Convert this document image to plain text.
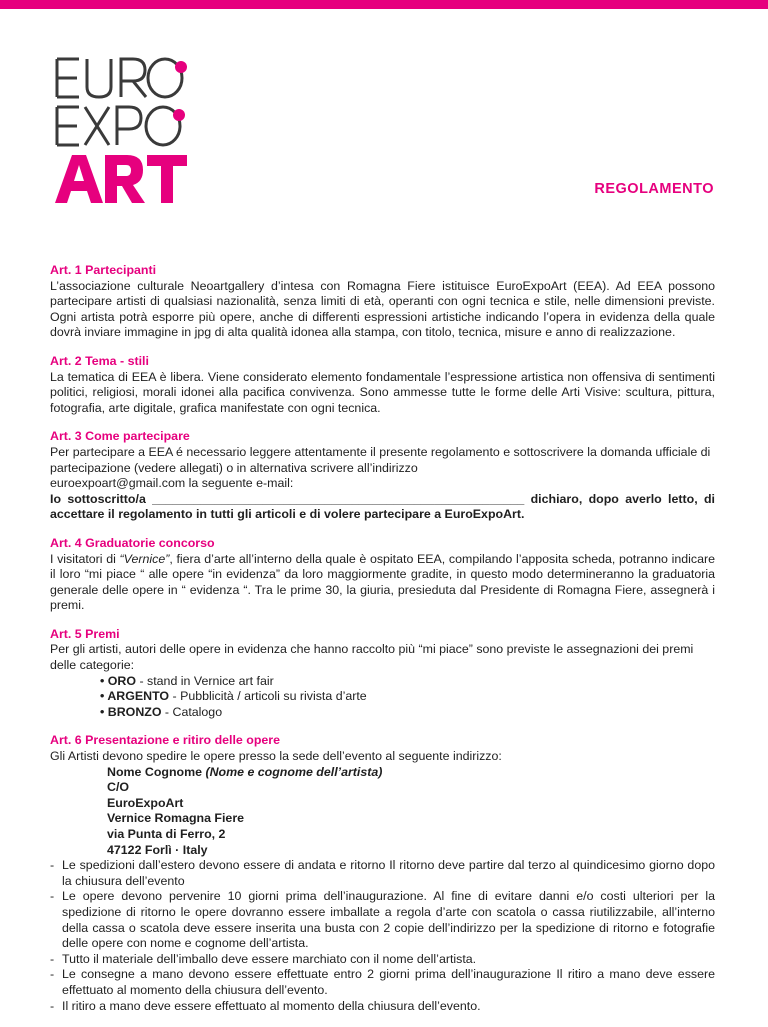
REGOLAMENTO
Art. 1 Partecipanti
L’associazione culturale Neoartgallery d’intesa con Romagna Fiere istituisce EuroExpoArt (EEA). Ad EEA possono partecipare artisti di qualsiasi nazionalità, senza limiti di età, operanti con ogni tecnica e stile, nelle dimensioni previste. Ogni artista potrà esporre più opere, anche di differenti espressioni artistiche indicando l’opera in evidenza della quale dovrà inviare immagine in jpg di alta qualità idonea alla stampa, con titolo, tecnica, misure e anno di realizzazione.
Art. 2 Tema - stili
La tematica di EEA è libera. Viene considerato elemento fondamentale l’espressione artistica non offensiva di sentimenti politici, religiosi, morali idonei alla pacifica convivenza. Sono ammesse tutte le forme delle Arti Visive: scultura, pittura, fotografia, arte digitale, grafica manifestate con ogni tecnica.
Art. 3 Come partecipare
Per partecipare a EEA é necessario leggere attentamente il presente regolamento e sottoscrivere la domanda ufficiale di partecipazione (vedere allegati) o in alternativa scrivere all’indirizzo
euroexpoart@gmail.com la seguente e-mail:
Io sottoscritto/a ______________________________________________________ dichiaro, dopo averlo letto, di accettare il regolamento in tutti gli articoli e di volere partecipare a EuroExpoArt.
Art. 4 Graduatorie concorso
I visitatori di “Vernice”, fiera d’arte all’interno della quale è ospitato EEA, compilando l’apposita scheda, potranno indicare il loro “mi piace “ alle opere “in evidenza” da loro maggiormente gradite, in questo modo determineranno la graduatoria generale delle opere in “ evidenza “. Tra le prime 30, la giuria, presieduta dal Presidente di Romagna Fiere, assegnerà i premi.
Art. 5 Premi
Per gli artisti, autori delle opere in evidenza che hanno raccolto più “mi piace” sono previste le assegnazioni dei premi delle categorie:
• ORO - stand in Vernice art fair
• ARGENTO - Pubblicità / articoli su rivista d’arte
• BRONZO - Catalogo
Art. 6 Presentazione e ritiro delle opere
Gli Artisti devono spedire le opere presso la sede dell’evento al seguente indirizzo:
Nome Cognome (Nome e cognome dell’artista)
C/O
EuroExpoArt
Vernice Romagna Fiere
via Punta di Ferro, 2
47122 Forlì · Italy
- Le spedizioni dall’estero devono essere di andata e ritorno Il ritorno deve partire dal terzo al quindicesimo giorno dopo la chiusura dell’evento
- Le opere devono pervenire 10 giorni prima dell’inaugurazione. Al fine di evitare danni e/o costi ulteriori per la spedizione di ritorno le opere dovranno essere imballate a regola d’arte con scatola o cassa riutilizzabile, all’interno della cassa o scatola deve essere inserita una busta con 2 copie dell’indirizzo per la spedizione di ritorno e fotografie delle opere con nome e cognome dell’artista.
- Tutto il materiale dell’imballo deve essere marchiato con il nome dell’artista.
- Le consegne a mano devono essere effettuate entro 2 giorni prima dell’inaugurazione Il ritiro a mano deve essere effettuato al momento della chiusura dell’evento.
- Il ritiro a mano deve essere effettuato al momento della chiusura dell’evento.
